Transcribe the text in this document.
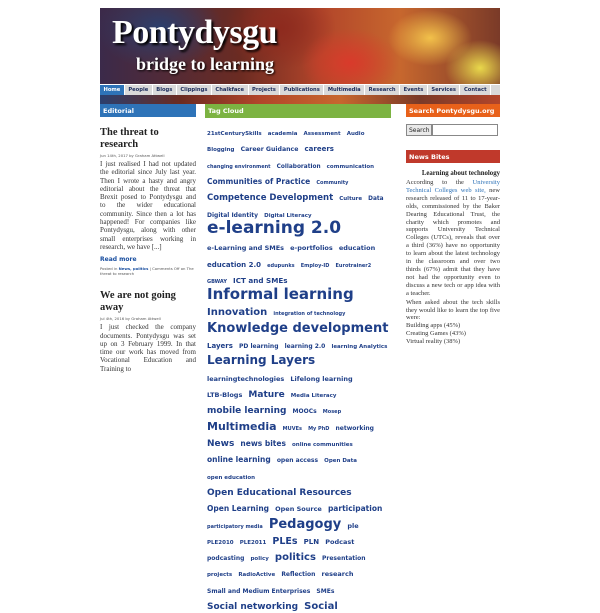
Pontydysgu
bridge to learning
Home	People	Blogs	Clippings	Chalkface	Projects	Publications	Multimedia	Research	Events	Services	Contact
Editorial
The threat to research
Jun 14th, 2017 by Graham Attwell
I just realised I had not updated the editorial since July last year. Then I wrote a hasty and angry editorial about the threat that Brexit posed to Pontydysgu and to the wider educational community. Since then a lot has happened! For companies like Pontydysgu, along with other small enterprises working in research, we have [...]
Read more
Posted in News, politics | Comments Off on The threat to research
We are not going away
Jul 4th, 2016 by Graham Attwell
I just checked the company documents. Pontydysgu was set up on 3 February 1999. In that time our work has moved from Vocational Education and Training to
Tag Cloud
21stCenturySkills academia Assessment Audio Blogging Career Guidance careers changing environment Collaboration communication Communities of Practice Community Competence Development Culture Data Digital Identity Digital Literacy e-learning 2.0 e-Learning and SMEs e-portfolios education education 2.0 edupunks Employ-ID Eurotrainer2 GBWAY ICT and SMEs Informal learning Innovation integration of technology Knowledge development Layers PD learning learning 2.0 learning Analytics Learning Layers learningtechnologies Lifelong learning LTB-Blogs Mature Media Literacy mobile learning MOOCs Mosep Multimedia MUVEs My PhD networking News news bites online communities online learning open access Open Data open education Open Educational Resources Open Learning Open Source participation participatory media Pedagogy ple PLE2010 PLE2011 PLEs PLN Podcast podcasting policy politics Presentation projects RadioActive Reflection research Small and Medium Enterprises SMEs Social networking Social
Search Pontydysgu.org
Search
News Bites
Learning about technology
According to the University Technical Colleges web site, new research released of 11 to 17-year-olds, commissioned by the Baker Dearing Educational Trust, the charity which promotes and supports University Technical Colleges (UTCs), reveals that over a third (36%) have no opportunity to learn about the latest technology in the classroom and over two thirds (67%) admit that they have not had the opportunity even to discuss a new tech or app idea with a teacher.
When asked about the tech skills they would like to learn the top five were:
Building apps (45%)
Creating Games (43%)
Virtual reality (38%)
